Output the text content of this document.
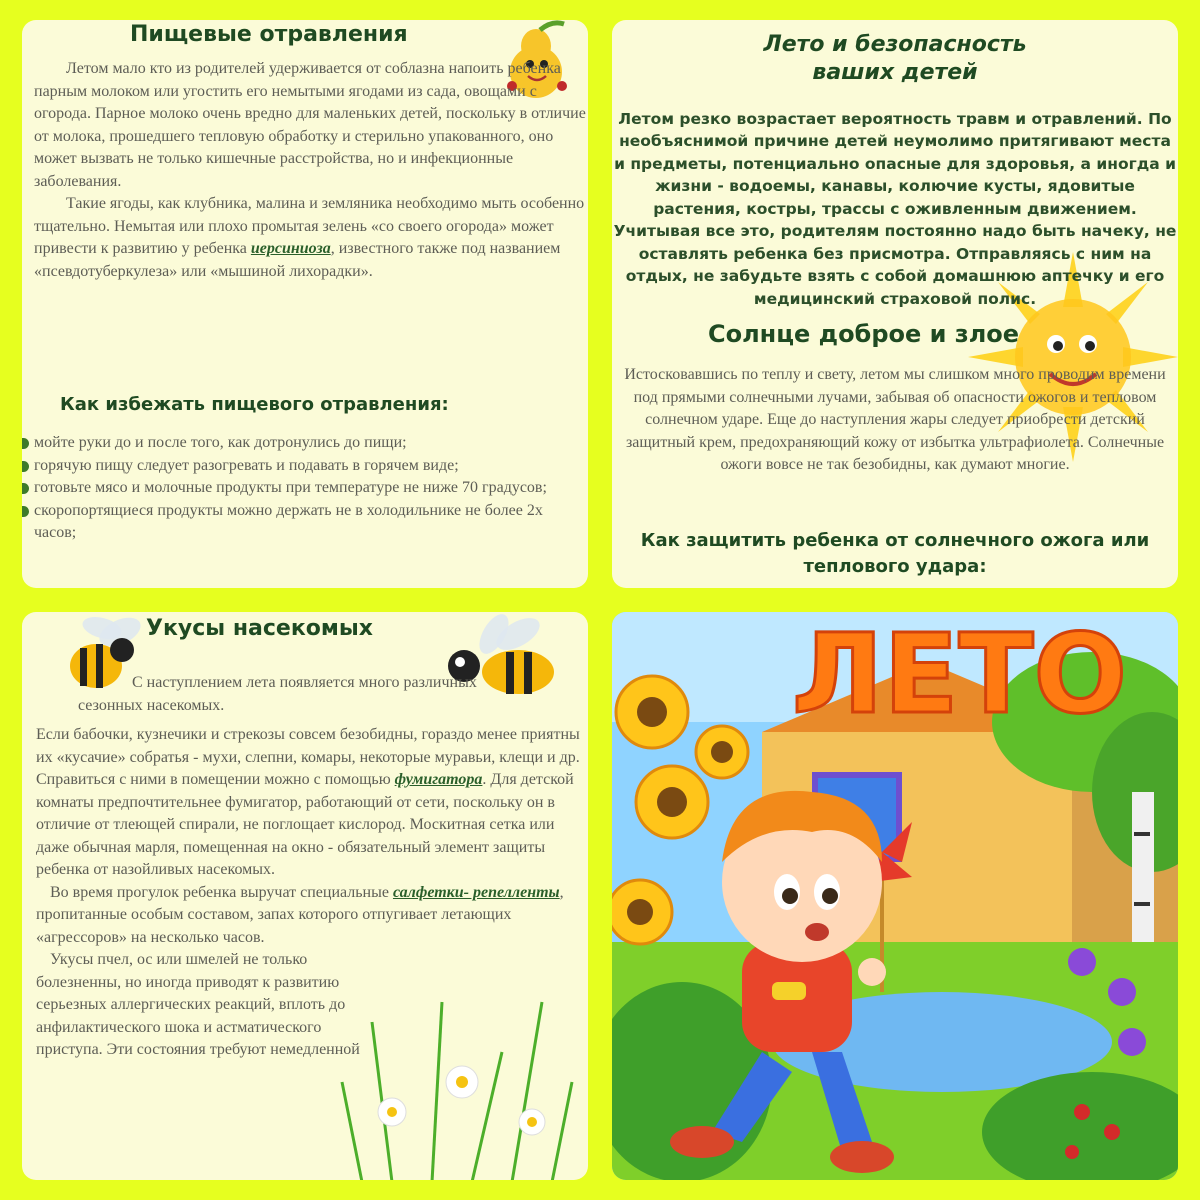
Пищевые отравления

Летом мало кто из родителей удерживается от соблазна напоить ребенка парным молоком или угостить его немытыми ягодами из сада, овощами с огорода. Парное молоко очень вредно для маленьких детей, поскольку в отличие от молока, прошедшего тепловую обработку и стерильно упакованного, оно может вызвать не только кишечные расстройства, но и инфекционные заболевания.

Такие ягоды, как клубника, малина и земляника необходимо мыть особенно тщательно. Немытая или плохо промытая зелень «со своего огорода» может привести к развитию у ребенка иерсиниоза, известного также под названием «псевдотуберкулеза» или «мышиной лихорадки».

Как избежать пищевого отравления:
мойте руки до и после того, как дотронулись до пищи;
горячую пищу следует разогревать и подавать в горячем виде;
готовьте мясо и молочные продукты при температуре не ниже 70 градусов;
скоропортящиеся продукты можно держать не в холодильнике не более 2х часов;
Лето и безопасность
ваших детей

Летом резко возрастает вероятность травм и отравлений. По необъяснимой причине детей неумолимо притягивают места и предметы, потенциально опасные для здоровья, а иногда и жизни - водоемы, канавы, колючие кусты, ядовитые растения, костры, трассы с оживленным движением. Учитывая все это, родителям постоянно надо быть начеку, не оставлять ребенка без присмотра. Отправляясь с ним на отдых, не забудьте взять с собой домашнюю аптечку и его медицинский страховой полис.

Солнце доброе и злое

Истосковавшись по теплу и свету, летом мы слишком много проводим времени под прямыми солнечными лучами, забывая об опасности ожогов и тепловом солнечном ударе. Еще до наступления жары следует приобрести детский защитный крем, предохраняющий кожу от избытка ультрафиолета. Солнечные ожоги вовсе не так безобидны, как думают многие.

Как защитить ребенка от солнечного ожога или теплового удара:
Укусы насекомых

С наступлением лета появляется много различных сезонных насекомых.

Если бабочки, кузнечики и стрекозы совсем безобидны, гораздо менее приятны их «кусачие» собратья - мухи, слепни, комары, некоторые муравьи, клещи и др. Справиться с ними в помещении можно с помощью фумигатора. Для детской комнаты предпочтительнее фумигатор, работающий от сети, поскольку он в отличие от тлеющей спирали, не поглощает кислород. Москитная сетка или даже обычная марля, помещенная на окно - обязательный элемент защиты ребенка от назойливых насекомых.

Во время прогулок ребенка выручат специальные салфетки- репелленты, пропитанные особым составом, запах которого отпугивает летающих «агрессоров» на несколько часов.

Укусы пчел, ос или шмелей не только болезненны, но иногда приводят к развитию серьезных аллергических реакций, вплоть до анфилактического шока и астматического приступа. Эти состояния требуют немедленной

ЛЕТО
